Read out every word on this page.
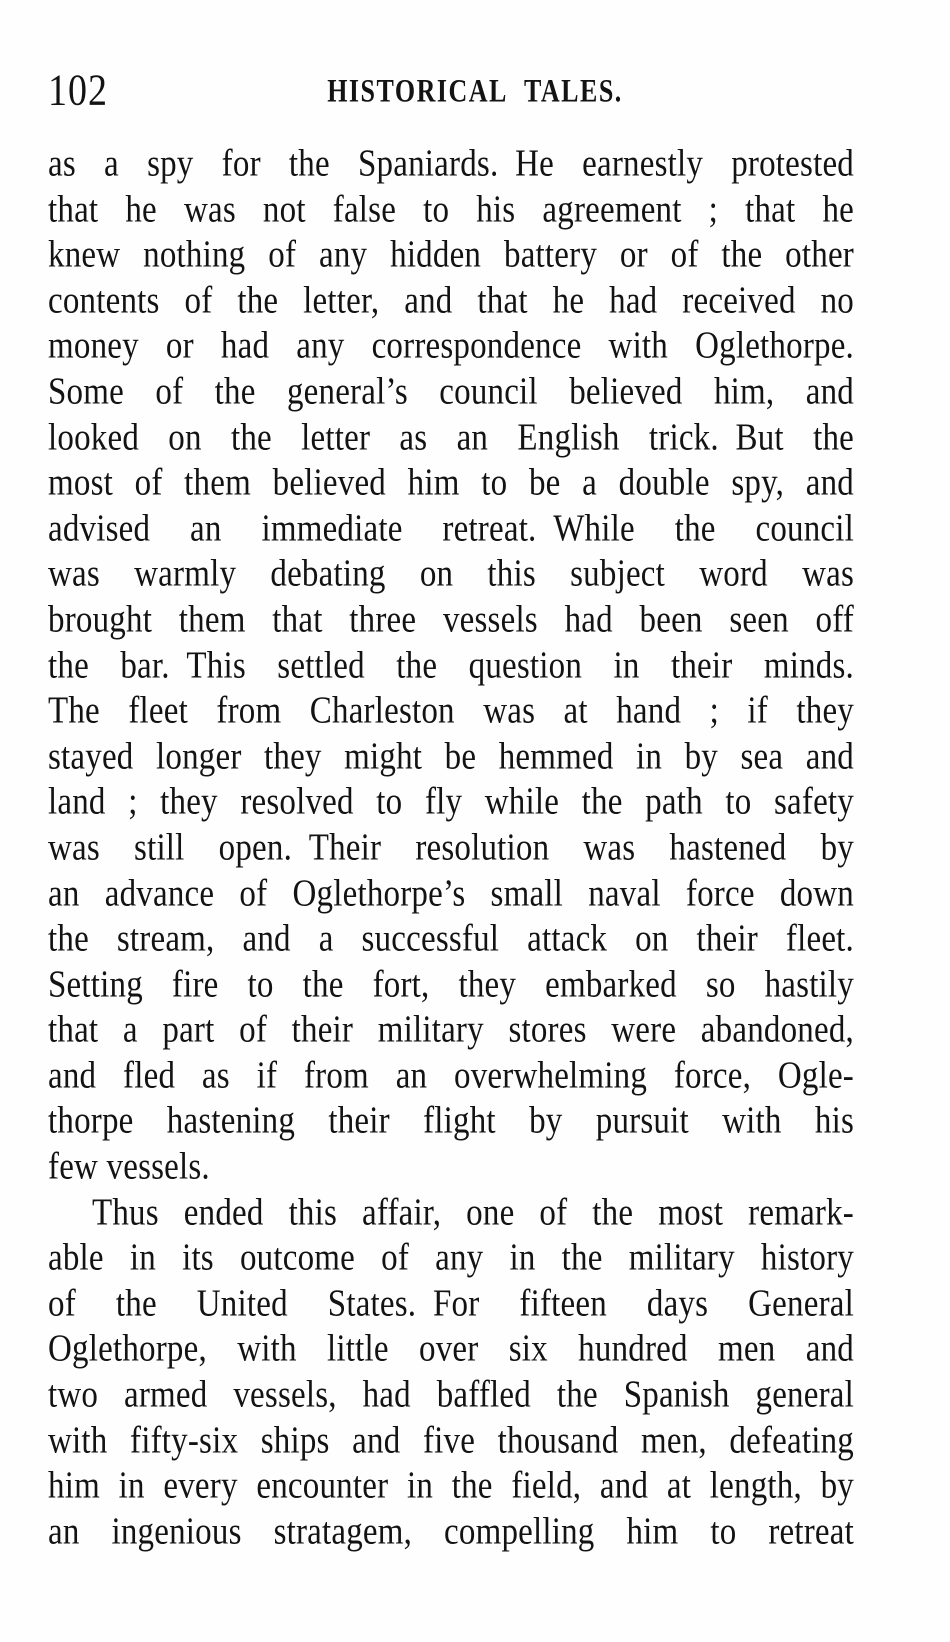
102	HISTORICAL TALES.
as a spy for the Spaniards. He earnestly protested
that he was not false to his agreement ; that he
knew nothing of any hidden battery or of the other
contents of the letter, and that he had received no
money or had any correspondence with Oglethorpe.
Some of the general’s council believed him, and
looked on the letter as an English trick. But the
most of them believed him to be a double spy, and
advised an immediate retreat. While the council
was warmly debating on this subject word was
brought them that three vessels had been seen off
the bar. This settled the question in their minds.
The fleet from Charleston was at hand ; if they
stayed longer they might be hemmed in by sea and
land ; they resolved to fly while the path to safety
was still open. Their resolution was hastened by
an advance of Oglethorpe’s small naval force down
the stream, and a successful attack on their fleet.
Setting fire to the fort, they embarked so hastily
that a part of their military stores were abandoned,
and fled as if from an overwhelming force, Ogle-
thorpe hastening their flight by pursuit with his
few vessels.
Thus ended this affair, one of the most remark-
able in its outcome of any in the military history
of the United States. For fifteen days General
Oglethorpe, with little over six hundred men and
two armed vessels, had baffled the Spanish general
with fifty-six ships and five thousand men, defeating
him in every encounter in the field, and at length, by
an ingenious stratagem, compelling him to retreat
